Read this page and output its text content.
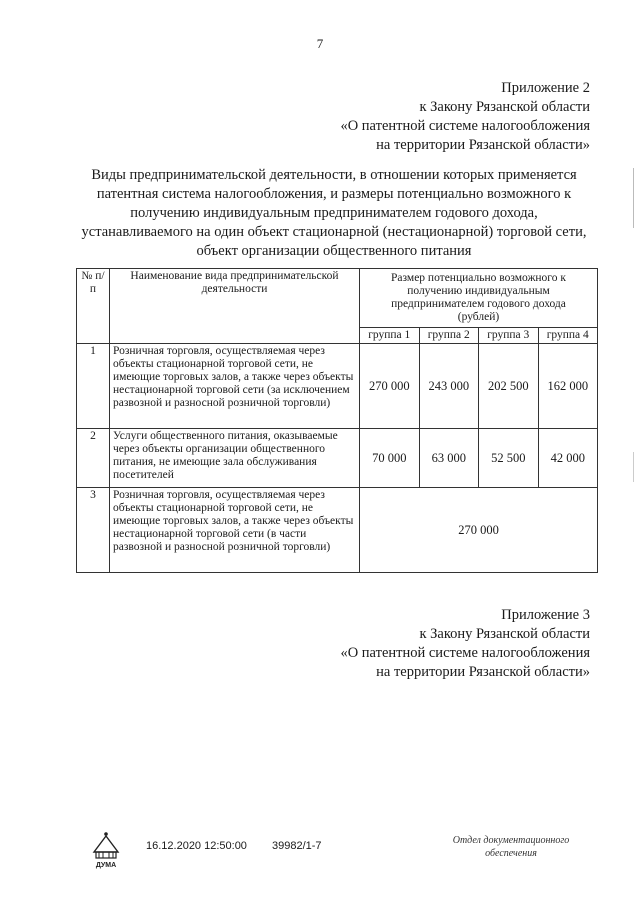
7
Приложение 2
к Закону Рязанской области
«О патентной системе налогообложения
на территории Рязанской области»
Виды предпринимательской деятельности, в отношении которых применяется
патентная система налогообложения, и размеры потенциально возможного к
получению индивидуальным предпринимателем годового дохода,
устанавливаемого на один объект стационарной (нестационарной) торговой сети,
объект организации общественного питания
№ п/п	Наименование вида предпринимательской деятельности	Размер потенциально возможного к получению индивидуальным предпринимателем годового дохода (рублей)			
		группа 1	группа 2	группа 3	группа 4
1	Розничная торговля, осуществляемая через объекты стационарной торговой сети, не имеющие торговых залов, а также через объекты нестационарной торговой сети (за исключением развозной и разносной розничной торговли)	270 000	243 000	202 500	162 000
2	Услуги общественного питания, оказываемые через объекты организации общественного питания, не имеющие зала обслуживания посетителей	70 000	63 000	52 500	42 000
3	Розничная торговля, осуществляемая через объекты стационарной торговой сети, не имеющие торговых залов, а также через объекты нестационарной торговой сети (в части развозной и разносной розничной торговли)	270 000			
Приложение 3
к Закону Рязанской области
«О патентной системе налогообложения
на территории Рязанской области»
ДУМА
16.12.2020 12:50:00 39982/1-7	Отдел документационного
обеспечения
